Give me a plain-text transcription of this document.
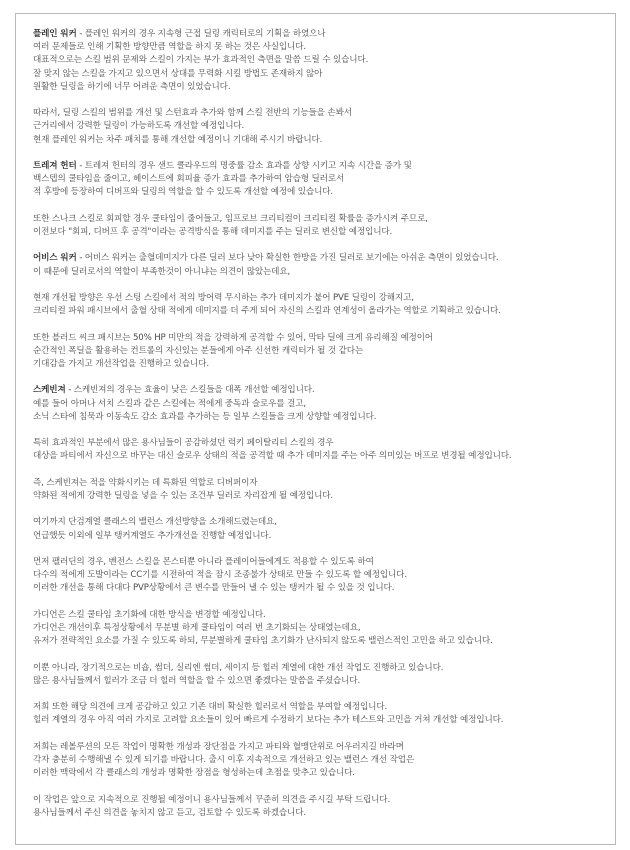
플레인 워커 - 플레인 워커의 경우 지속형 근접 딜링 캐릭터로의 기획을 하였으나
여러 문제들로 인해 기획한 방향만큼 역할을 하지 못 하는 것은 사실입니다.
대표적으로는 스킬 범위 문제와 스킬이 가지는 부가 효과적인 측면을 말씀 드릴 수 있습니다.
잘 맞지 않는 스킬을 가지고 있으면서 상대를 무력화 시킬 방법도 존재하지 않아
원활한 딜링을 하기에 너무 어려운 측면이 있었습니다.
따라서, 딜링 스킬의 범위를 개선 및 스턴효과 추가와 함께 스킬 전반의 기능들을 손봐서
근거리에서 강력한 딜링이 가능하도록 개선할 예정입니다.
현재 플레인 워커는 차주 패치를 통해 개선할 예정이니 기대해 주시기 바랍니다.
트레져 헌터 - 트레져 헌터의 경우 샌드 클라우드의 명중률 감소 효과를 상향 시키고 지속 시간을 증가 및
백스텝의 쿨타임을 줄이고, 헤이스트에 회피율 증가 효과를 추가하여 암습형 딜러로서
적 후방에 등장하여 디버프와 딜링의 역할을 할 수 있도록 개선할 예정에 있습니다.
또한 스나크 스킬로 회피할 경우 쿨타임이 줄어들고, 임프로브 크리티컬이 크리티컬 확률을 증가시켜 주므로,
이전보다 "회피, 디버프 후 공격"이라는 공격방식을 통해 데미지를 주는 딜러로 변신할 예정입니다.
어비스 워커 - 어비스 워커는 출혈데미지가 다른 딜러 보다 낮아 확실한 한방을 가진 딜러로 보기에는 아쉬운 측면이 있었습니다.
이 때문에 딜러로서의 역할이 부족한것이 아니냐는 의견이 많았는데요,
현재 개선될 방향은 우선 스팅 스킬에서 적의 방어력 무시하는 추가 데미지가 붙어 PVE 딜링이 강해지고,
크리티컬 파워 패시브에서 출혈 상태 적에게 데미지를 더 주게 되어 자신의 스킬과 연계성이 올라가는 역할로 기획하고 있습니다.
또한 블러드 씨크 패시브는 50% HP 미만의 적을 강력하게 공격할 수 있어, 막타 딜에 크게 유리해질 예정이어
순간적인 폭딜을 활용하는 컨트롤의 자신있는 분들에게 아주 신선한 캐릭터가 될 것 같다는
기대감을 가지고 개선작업을 진행하고 있습니다.
스케빈져 - 스케빈져의 경우는 효율이 낮은 스킬들을 대폭 개선할 예정입니다.
예를 들어 아머나 서치 스킬과 같은 스킬에는 적에게 중독과 슬로우를 걸고,
소닉 스타에 침묵과 이동속도 감소 효과를 추가하는 등 일부 스킬들을 크게 상향할 예정입니다.
특히 효과적인 부분에서 많은 용사님들이 공감하셨던 럭키 페이탈리티 스킬의 경우
대상을 파티에서 자신으로 바꾸는 대신 슬로우 상태의 적을 공격할 때 추가 데미지를 주는 아주 의미있는 버프로 변경될 예정입니다.
즉, 스케빈져는 적을 약화시키는 데 특화된 역할로 디버퍼이자
약화된 적에게 강력한 딜링을 넣을 수 있는 조건부 딜러로 자리잡게 될 예정입니다.
여기까지 단검계열 클래스의 밸런스 개선방향을 소개해드렸는데요,
언급했듯 이외에 일부 탱커계열도 추가개선을 진행할 예정입니다.
먼저 팰러딘의 경우, 벤전스 스킬을 몬스터뿐 아니라 플레이어들에게도 적용할 수 있도록 하여
다수의 적에게 도발이라는 CC기를 시전하여 적을 잠시 조종불가 상태로 만들 수 있도록 할 예정입니다.
이러한 개선을 통해 다대다 PVP상황에서 큰 변수를 만들어 낼 수 있는 탱커가 될 수 있을 것 입니다.
가디언은 스킬 쿨타임 초기화에 대한 방식을 변경할 예정입니다.
가디언은 개선이후 특정상황에서 무분별 하게 쿨타임이 여러 번 초기화되는 상태였는데요,
유저가 전략적인 요소를 가질 수 있도록 하되, 무분별하게 쿨타임 초기화가 난사되지 않도록 밸런스적인 고민을 하고 있습니다.
이뿐 아니라, 장기적으로는 비숍, 썸더, 실리엔 썸더, 세이지 등 힐러 계열에 대한 개선 작업도 진행하고 있습니다.
많은 용사님들께서 힐러가 조금 더 힐러 역할을 할 수 있으면 좋겠다는 말씀을 주셨습니다.
저희 또한 해당 의견에 크게 공감하고 있고 기존 대비 확실한 힐러로서 역할을 부여할 예정입니다.
힐러 계열의 경우 아직 여러 가지로 고려할 요소들이 있어 빠르게 수정하기 보다는 추가 테스트와 고민을 거쳐 개선할 예정입니다.
저희는 레볼루션의 모든 작업이 명확한 개성과 장단점을 가지고 파티와 혈맹단위로 어우러지길 바라며
각자 충분히 수행해낼 수 있게 되기를 바랍니다. 출시 이후 지속적으로 개선하고 있는 밸런스 개선 작업은
이러한 맥락에서 각 클래스의 개성과 명확한 장점을 형성하는데 초점을 맞추고 있습니다.
이 작업은 앞으로 지속적으로 진행될 예정이니 용사님들께서 꾸준히 의견을 주시길 부탁 드립니다.
용사님들께서 주신 의견을 놓치지 않고 듣고, 검토할 수 있도록 하겠습니다.
